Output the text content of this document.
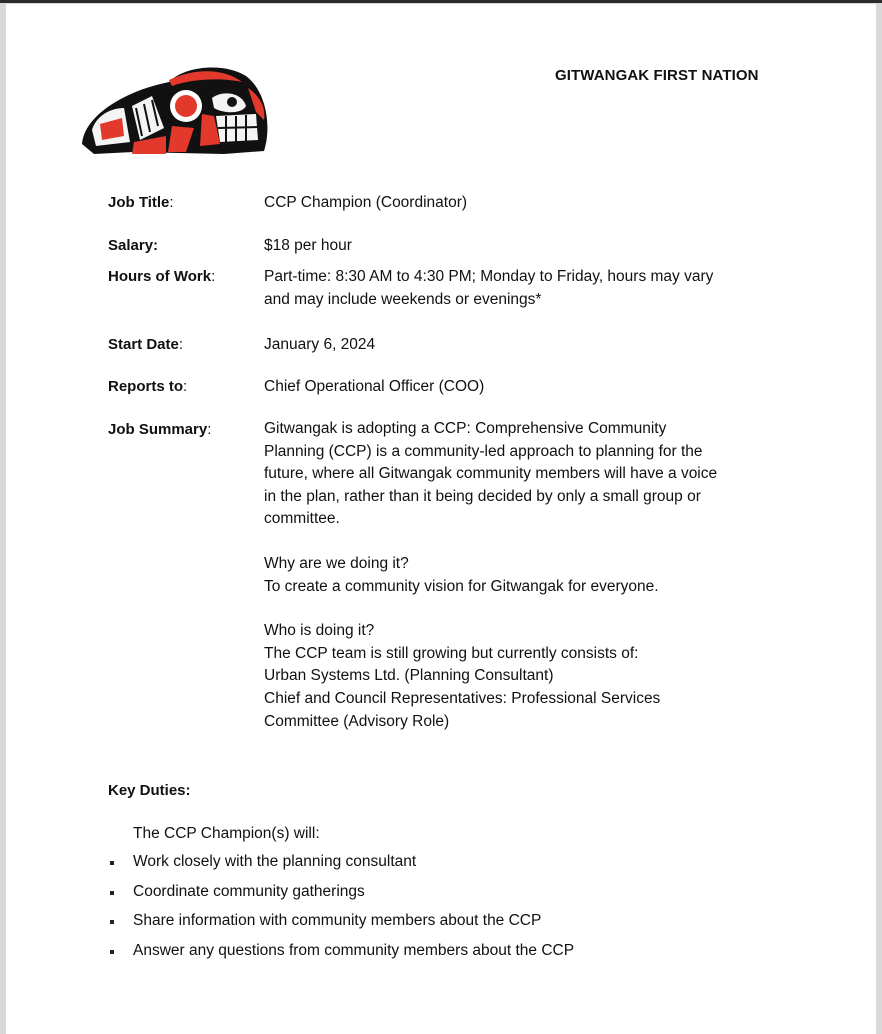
GITWANGAK FIRST NATION
Job Title:	CCP Champion (Coordinator)
Salary:	$18 per hour
Hours of Work:	Part-time: 8:30 AM to 4:30 PM; Monday to Friday, hours may vary
and may include weekends or evenings*
Start Date:	January 6, 2024
Reports to:	Chief Operational Officer (COO)
Job Summary:	Gitwangak is adopting a CCP: Comprehensive Community
Planning (CCP) is a community-led approach to planning for the
future, where all Gitwangak community members will have a voice
in the plan, rather than it being decided by only a small group or
committee.
Why are we doing it?
To create a community vision for Gitwangak for everyone.
Who is doing it?
The CCP team is still growing but currently consists of:
Urban Systems Ltd. (Planning Consultant)
Chief and Council Representatives: Professional Services
Committee (Advisory Role)
Key Duties:
The CCP Champion(s) will:
Work closely with the planning consultant
Coordinate community gatherings
Share information with community members about the CCP
Answer any questions from community members about the CCP
